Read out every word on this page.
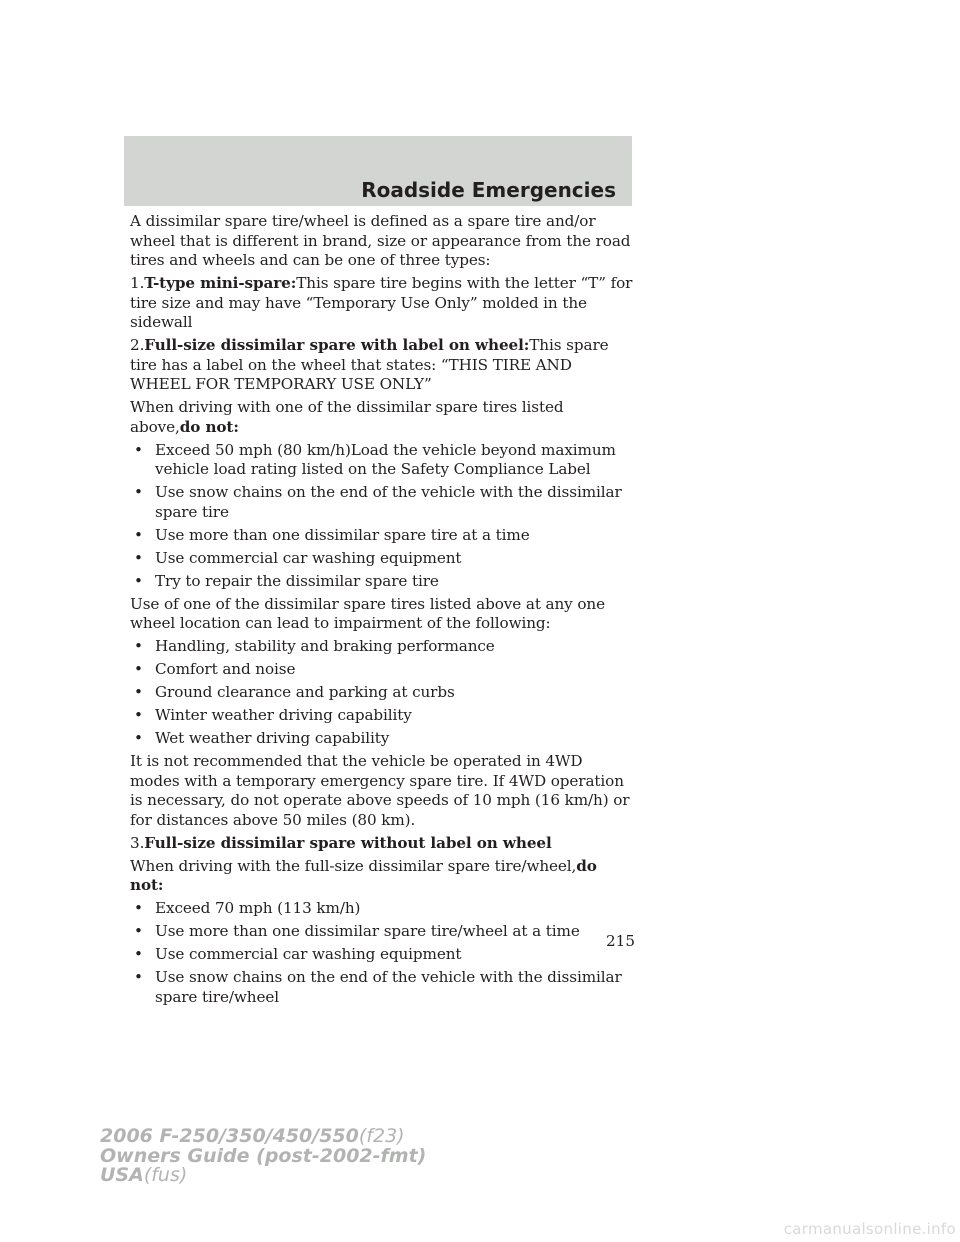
Roadside Emergencies

A dissimilar spare tire/wheel is defined as a spare tire and/or wheel that is different in brand, size or appearance from the road tires and wheels and can be one of three types:

1.T-type mini-spare:This spare tire begins with the letter “T” for tire size and may have “Temporary Use Only” molded in the sidewall

2.Full-size dissimilar spare with label on wheel:This spare tire has a label on the wheel that states: “THIS TIRE AND WHEEL FOR TEMPORARY USE ONLY”

When driving with one of the dissimilar spare tires listed above,do not:

• Exceed 50 mph (80 km/h)Load the vehicle beyond maximum vehicle load rating listed on the Safety Compliance Label
• Use snow chains on the end of the vehicle with the dissimilar spare tire
• Use more than one dissimilar spare tire at a time
• Use commercial car washing equipment
• Try to repair the dissimilar spare tire

Use of one of the dissimilar spare tires listed above at any one wheel location can lead to impairment of the following:

• Handling, stability and braking performance
• Comfort and noise
• Ground clearance and parking at curbs
• Winter weather driving capability
• Wet weather driving capability

It is not recommended that the vehicle be operated in 4WD modes with a temporary emergency spare tire. If 4WD operation is necessary, do not operate above speeds of 10 mph (16 km/h) or for distances above 50 miles (80 km).

3.Full-size dissimilar spare without label on wheel

When driving with the full-size dissimilar spare tire/wheel,do not:

• Exceed 70 mph (113 km/h)
• Use more than one dissimilar spare tire/wheel at a time
• Use commercial car washing equipment
• Use snow chains on the end of the vehicle with the dissimilar spare tire/wheel
215
2006 F-250/350/450/550(f23)
Owners Guide (post-2002-fmt)
USA(fus)
carmanualsonline.info
